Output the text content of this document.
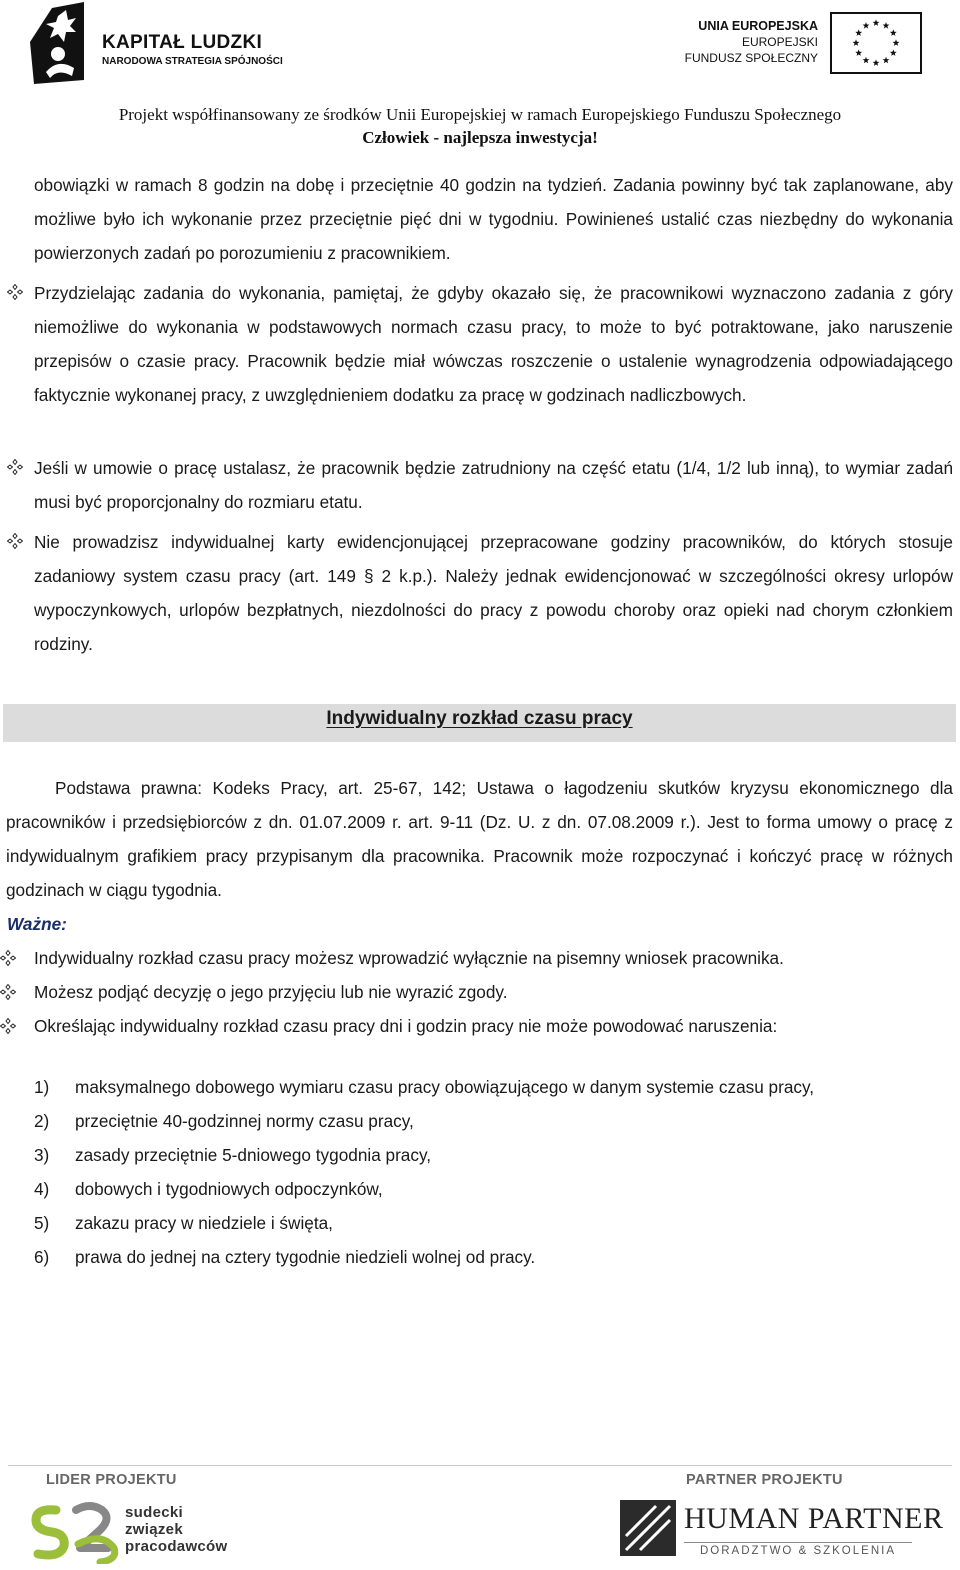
KAPITAŁ LUDZKI
NARODOWA STRATEGIA SPÓJNOŚCI
UNIA EUROPEJSKA
EUROPEJSKI
FUNDUSZ SPOŁECZNY
Projekt współfinansowany ze środków Unii Europejskiej w ramach Europejskiego Funduszu Społecznego
Człowiek - najlepsza inwestycja!

obowiązki w ramach 8 godzin na dobę i przeciętnie 40 godzin na tydzień. Zadania powinny być tak zaplanowane, aby możliwe było ich wykonanie przez przeciętnie pięć dni w tygodniu. Powinieneś ustalić czas niezbędny do wykonania powierzonych zadań po porozumieniu z pracownikiem.

Przydzielając zadania do wykonania, pamiętaj, że gdyby okazało się, że pracownikowi wyznaczono zadania z góry niemożliwe do wykonania w podstawowych normach czasu pracy, to może to być potraktowane, jako naruszenie przepisów o czasie pracy. Pracownik będzie miał wówczas roszczenie o ustalenie wynagrodzenia odpowiadającego faktycznie wykonanej pracy, z uwzględnieniem dodatku za pracę w godzinach nadliczbowych.

Jeśli w umowie o pracę ustalasz, że pracownik będzie zatrudniony na część etatu (1/4, 1/2 lub inną), to wymiar zadań musi być proporcjonalny do rozmiaru etatu.

Nie prowadzisz indywidualnej karty ewidencjonującej przepracowane godziny pracowników, do których stosuje zadaniowy system czasu pracy (art. 149 § 2 k.p.). Należy jednak ewidencjonować w szczególności okresy urlopów wypoczynkowych, urlopów bezpłatnych, niezdolności do pracy z powodu choroby oraz opieki nad chorym członkiem rodziny.

Indywidualny rozkład czasu pracy

Podstawa prawna: Kodeks Pracy, art. 25-67, 142; Ustawa o łagodzeniu skutków kryzysu ekonomicznego dla pracowników i przedsiębiorców z dn. 01.07.2009 r. art. 9-11 (Dz. U. z dn. 07.08.2009 r.). Jest to forma umowy o pracę z indywidualnym grafikiem pracy przypisanym dla pracownika. Pracownik może rozpoczynać i kończyć pracę w różnych godzinach w ciągu tygodnia.

Ważne:

Indywidualny rozkład czasu pracy możesz wprowadzić wyłącznie na pisemny wniosek pracownika.

Możesz podjąć decyzję o jego przyjęciu lub nie wyrazić zgody.

Określając indywidualny rozkład czasu pracy dni i godzin pracy nie może powodować naruszenia:

1) maksymalnego dobowego wymiaru czasu pracy obowiązującego w danym systemie czasu pracy,
2) przeciętnie 40-godzinnej normy czasu pracy,
3) zasady przeciętnie 5-dniowego tygodnia pracy,
4) dobowych i tygodniowych odpoczynków,
5) zakazu pracy w niedziele i święta,
6) prawa do jednej na cztery tygodnie niedzieli wolnej od pracy.
LIDER PROJEKTU	PARTNER PROJEKTU
sudecki
związek
pracodawców
HUMAN PARTNER
DORADZTWO & SZKOLENIA
